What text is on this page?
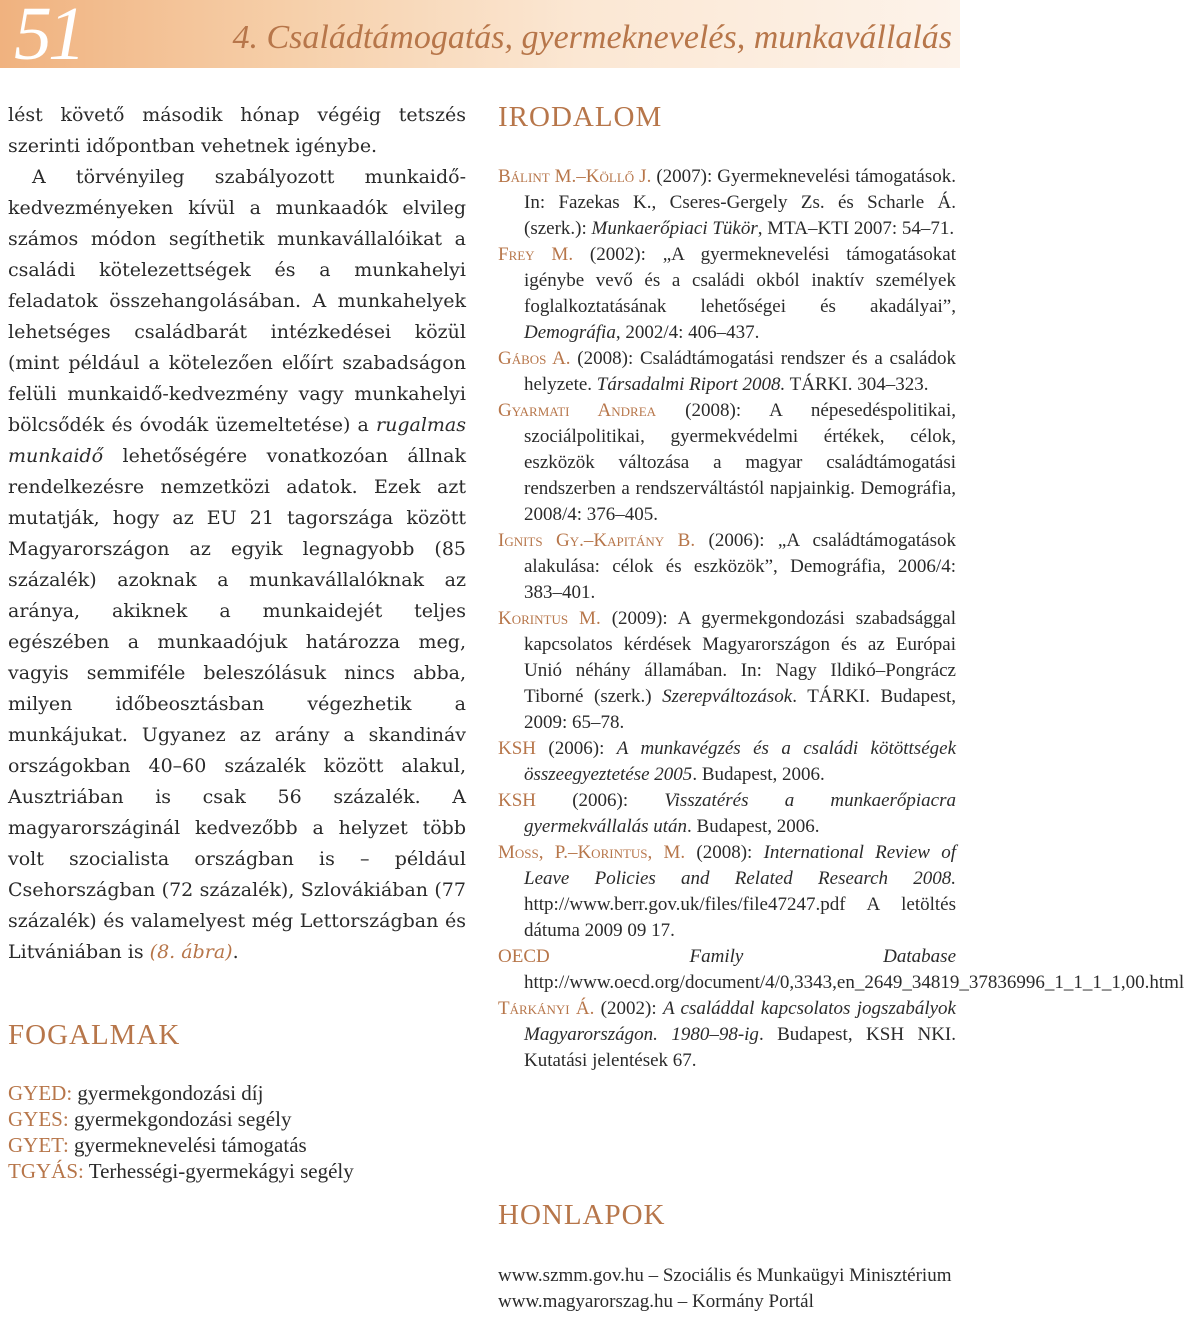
51	4. Családtámogatás, gyermeknevelés, munkavállalás

lést követő második hónap végéig tetszés szerinti időpontban vehetnek igénybe.

A törvényileg szabályozott munkaidő-kedvezményeken kívül a munkaadók elvileg számos módon segíthetik munkavállalóikat a családi kötelezettségek és a munkahelyi feladatok összehangolásában. A munkahelyek lehetséges családbarát intézkedései közül (mint például a kötelezően előírt szabadságon felüli munkaidő-kedvezmény vagy munkahelyi bölcsődék és óvodák üzemeltetése) a rugalmas munkaidő lehetőségére vonatkozóan állnak rendelkezésre nemzetközi adatok. Ezek azt mutatják, hogy az EU 21 tagországa között Magyarországon az egyik legnagyobb (85 százalék) azoknak a munkavállalóknak az aránya, akiknek a munkaidejét teljes egészében a munkaadójuk határozza meg, vagyis semmiféle beleszólásuk nincs abba, milyen időbeosztásban végezhetik a munkájukat. Ugyanez az arány a skandináv országokban 40–60 százalék között alakul, Ausztriában is csak 56 százalék. A magyarországinál kedvezőbb a helyzet több volt szocialista országban is – például Csehországban (72 százalék), Szlovákiában (77 százalék) és valamelyest még Lettországban és Litvániában is (8. ábra).

FOGALMAK
GYED: gyermekgondozási díj
GYES: gyermekgondozási segély
GYET: gyermeknevelési támogatás
TGYÁS: Terhességi-gyermekágyi segély
IRODALOM

Bálint M.–Köllő J. (2007): Gyermeknevelési támogatások. In: Fazekas K., Cseres-Gergely Zs. és Scharle Á. (szerk.): Munkaerőpiaci Tükör, MTA–KTI 2007: 54–71.

Frey M. (2002): „A gyermeknevelési támogatásokat igénybe vevő és a családi okból inaktív személyek foglalkoztatásának lehetőségei és akadályai”, Demográfia, 2002/4: 406–437.

Gábos A. (2008): Családtámogatási rendszer és a családok helyzete. Társadalmi Riport 2008. TÁRKI. 304–323.

Gyarmati Andrea (2008): A népesedéspolitikai, szociálpolitikai, gyermekvédelmi értékek, célok, eszközök változása a magyar családtámogatási rendszerben a rendszerváltástól napjainkig. Demográfia, 2008/4: 376–405.

Ignits Gy.–Kapitány B. (2006): „A családtámogatások alakulása: célok és eszközök”, Demográfia, 2006/4: 383–401.

Korintus M. (2009): A gyermekgondozási szabadsággal kapcsolatos kérdések Magyarországon és az Európai Unió néhány államában. In: Nagy Ildikó–Pongrácz Tiborné (szerk.) Szerepváltozások. TÁRKI. Budapest, 2009: 65–78.

KSH (2006): A munkavégzés és a családi kötöttségek összeegyeztetése 2005. Budapest, 2006.

KSH (2006): Visszatérés a munkaerőpiacra gyermekvállalás után. Budapest, 2006.

Moss, P.–Korintus, M. (2008): International Review of Leave Policies and Related Research 2008. http://www.berr.gov.uk/files/file47247.pdf A letöltés dátuma 2009 09 17.

OECD	Family Database http://www.oecd.org/document/4/0,3343,en_2649_34819_37836996_1_1_1_1,00.html

Tárkányi Á. (2002): A családdal kapcsolatos jogszabályok Magyarországon. 1980–98-ig. Budapest, KSH NKI. Kutatási jelentések 67.

HONLAPOK

www.szmm.gov.hu – Szociális és Munkaügyi Minisztérium

www.magyarorszag.hu – Kormány Portál
